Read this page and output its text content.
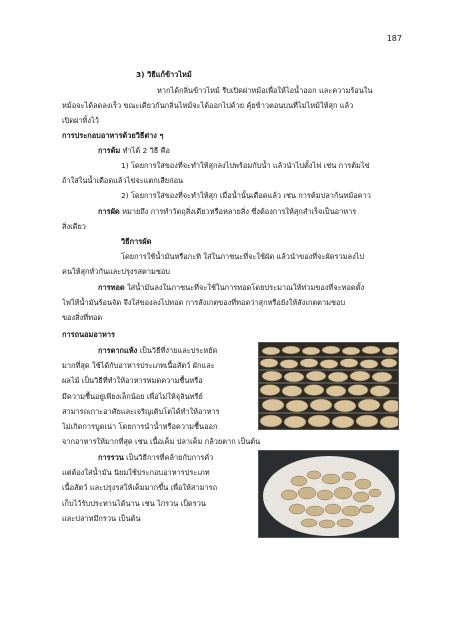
187
3) วิธีแก้ข้าวไหม้
หากได้กลิ่นข้าวไหม้ รีบเปิดฝาหม้อเพื่อให้ไอน้ำออก และความร้อนใน
หม้อจะได้ลดลงเร็ว ขณะเดียวกันกลิ่นไหม้จะได้ออกไปด้วย คุ้ยข้าวตอนบนที่ไม่ไหม้ให้สุก แล้ว
เปิดฝาทิ้งไว้
การประกอบอาหารด้วยวิธีต่าง ๆ
การต้ม ทำได้ 2 วิธี คือ
1) โดยการใส่ของที่จะทำให้สุกลงไปพร้อมกับน้ำ แล้วนำไปตั้งไฟ เช่น การต้มไข่
ถ้าใส่ในน้ำเดือดแล้วไข่จะแตกเสียก่อน
2) โดยการใส่ของที่จะทำให้สุก เมื่อน้ำนั้นเดือดแล้ว เช่น การต้มปลาก้นหม้อคาว
การผัด หมายถึง การทำวัตถุสิ่งเดียวหรือหลายสิ่ง ซึ่งต้องการให้สุกสำเร็จเป็นอาหาร
สิ่งเดียว
วิธีการผัด
โดยการใช้น้ำมันหรือกะทิ ใส่ในภาชนะที่จะใช้ผัด แล้วนำของที่จะผัดรวมลงไป
คนให้สุกทั่วกันและปรุงรสตามชอบ
การทอด ใส่น้ำมันลงในภาชนะที่จะใช้ในการทอดโดยประมาณให้ท่วมของที่จะทอดตั้ง
ไฟให้น้ำมันร้อนจัด จึงใส่ของลงไปทอด การสังเกตของที่ทอดว่าสุกหรือยังให้สังเกตตามชอบ
ของสิ่งที่ทอด
การถนอมอาหาร
การตากแห้ง เป็นวิธีที่ง่ายและประหยัด
มากที่สุด ใช้ได้กับอาหารประเภทเนื้อสัตว์ ผักและ
ผลไม้ เป็นวิธีที่ทำให้อาหารหมดความชื้นหรือ
มีความชื้นอยู่เพียงเล็กน้อย เพื่อไม่ให้จุลินทรีย์
สามารถเกาะอาศัยและเจริญเติบโตได้ทำให้อาหาร
ไม่เกิดการบูดเน่า โดยการนำน้ำหรือความชื้นออก
จากอาหารให้มากที่สุด เช่น เนื้อเค็ม ปลาเค็ม กล้วยตาก เป็นต้น
การรวน เป็นวิธีการที่คล้ายกับการคั่ว
แต่ต้องใส่น้ำมัน นิยมใช้ประกอบอาหารประเภท
เนื้อสัตว์ และปรุงรสให้เค็มมากขึ้น เพื่อให้สามารถ
เก็บไว้รับประทานได้นาน เช่น ไก่รวน เป็ดรวน
และปลาหมึกรวน เป็นต้น
